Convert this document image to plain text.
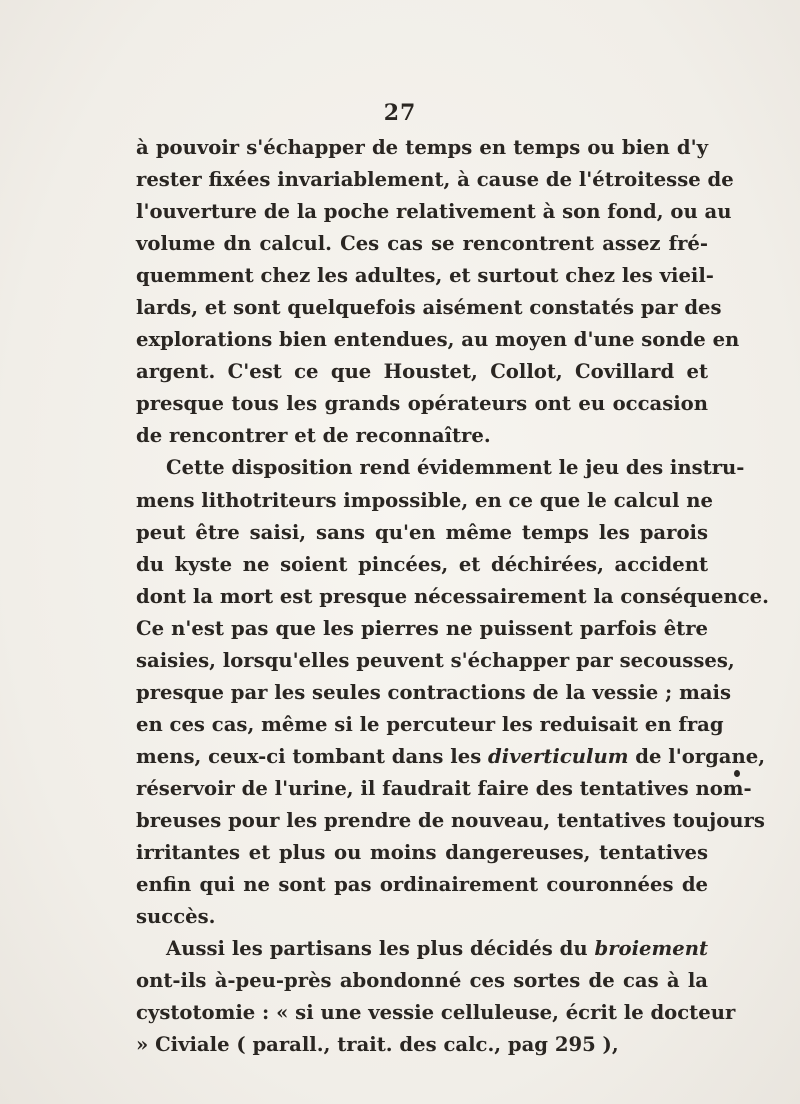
27
à pouvoir s'échapper de temps en temps ou bien d'y
rester fixées invariablement, à cause de l'étroitesse de
l'ouverture de la poche relativement à son fond, ou au
volume dn calcul. Ces cas se rencontrent assez fré-
quemment chez les adultes, et surtout chez les vieil-
lards, et sont quelquefois aisément constatés par des
explorations bien entendues, au moyen d'une sonde en
argent. C'est ce que Houstet, Collot, Covillard et
presque tous les grands opérateurs ont eu occasion
de rencontrer et de reconnaître.
Cette disposition rend évidemment le jeu des instru-
mens lithotriteurs impossible, en ce que le calcul ne
peut être saisi, sans qu'en même temps les parois
du kyste ne soient pincées, et déchirées, accident
dont la mort est presque nécessairement la conséquence.
Ce n'est pas que les pierres ne puissent parfois être
saisies, lorsqu'elles peuvent s'échapper par secousses,
presque par les seules contractions de la vessie ; mais
en ces cas, même si le percuteur les reduisait en frag
mens, ceux-ci tombant dans les diverticulum de l'organe,
réservoir de l'urine, il faudrait faire des tentatives nom-
breuses pour les prendre de nouveau, tentatives toujours
irritantes et plus ou moins dangereuses, tentatives
enfin qui ne sont pas ordinairement couronnées de
succès.
Aussi les partisans les plus décidés du broiement
ont-ils à-peu-près abondonné ces sortes de cas à la
cystotomie : « si une vessie celluleuse, écrit le docteur
» Civiale ( parall., trait. des calc., pag 295 ),
